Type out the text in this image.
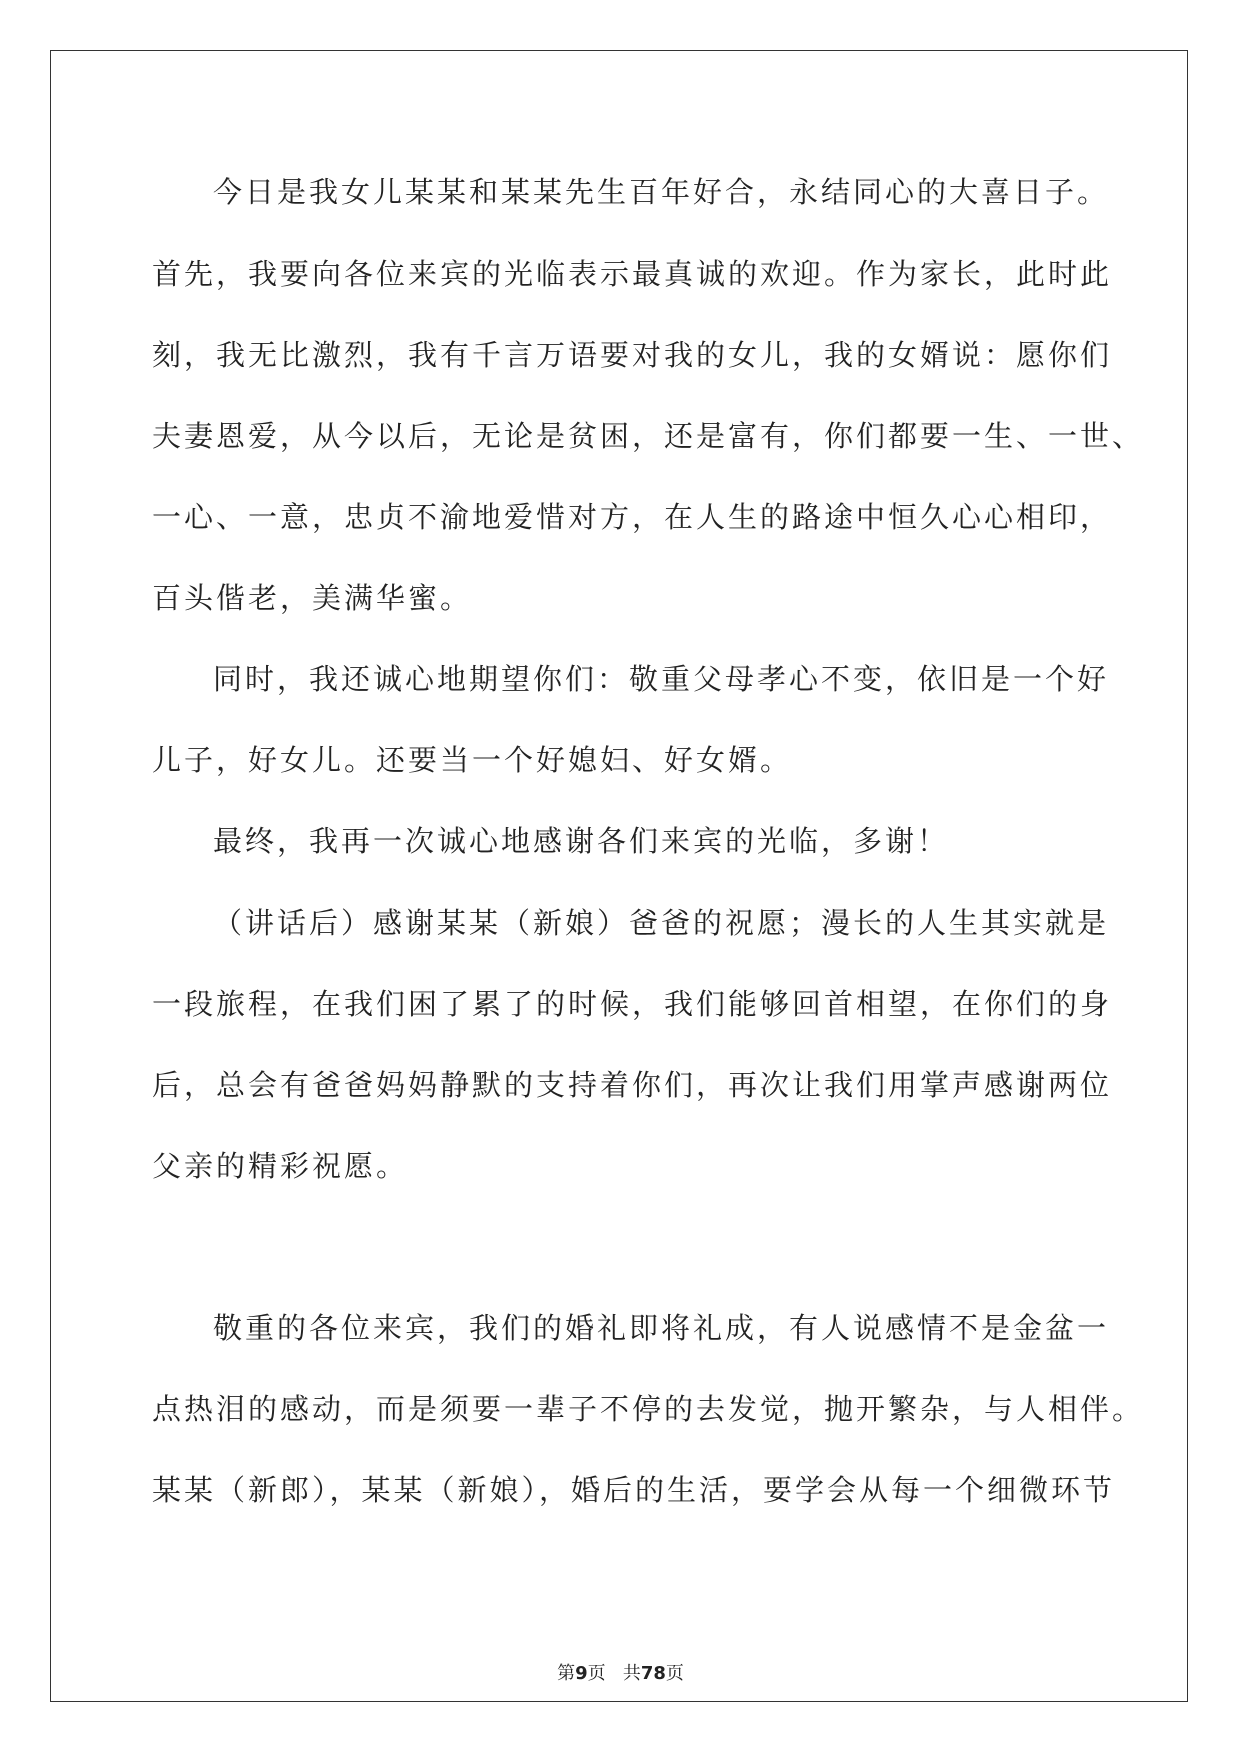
今日是我女儿某某和某某先生百年好合，永结同心的大喜日子。

首先，我要向各位来宾的光临表示最真诚的欢迎。作为家长，此时此

刻，我无比激烈，我有千言万语要对我的女儿，我的女婿说：愿你们

夫妻恩爱，从今以后，无论是贫困，还是富有，你们都要一生、一世、

一心、一意，忠贞不渝地爱惜对方，在人生的路途中恒久心心相印，

百头偕老，美满华蜜。

同时，我还诚心地期望你们：敬重父母孝心不变，依旧是一个好

儿子，好女儿。还要当一个好媳妇、好女婿。

最终，我再一次诚心地感谢各们来宾的光临，多谢！

（讲话后）感谢某某（新娘）爸爸的祝愿；漫长的人生其实就是

一段旅程，在我们困了累了的时候，我们能够回首相望，在你们的身

后，总会有爸爸妈妈静默的支持着你们，再次让我们用掌声感谢两位

父亲的精彩祝愿。

敬重的各位来宾，我们的婚礼即将礼成，有人说感情不是金盆一

点热泪的感动，而是须要一辈子不停的去发觉，抛开繁杂，与人相伴。

某某（新郎），某某（新娘），婚后的生活，要学会从每一个细微环节

第9页 共78页
